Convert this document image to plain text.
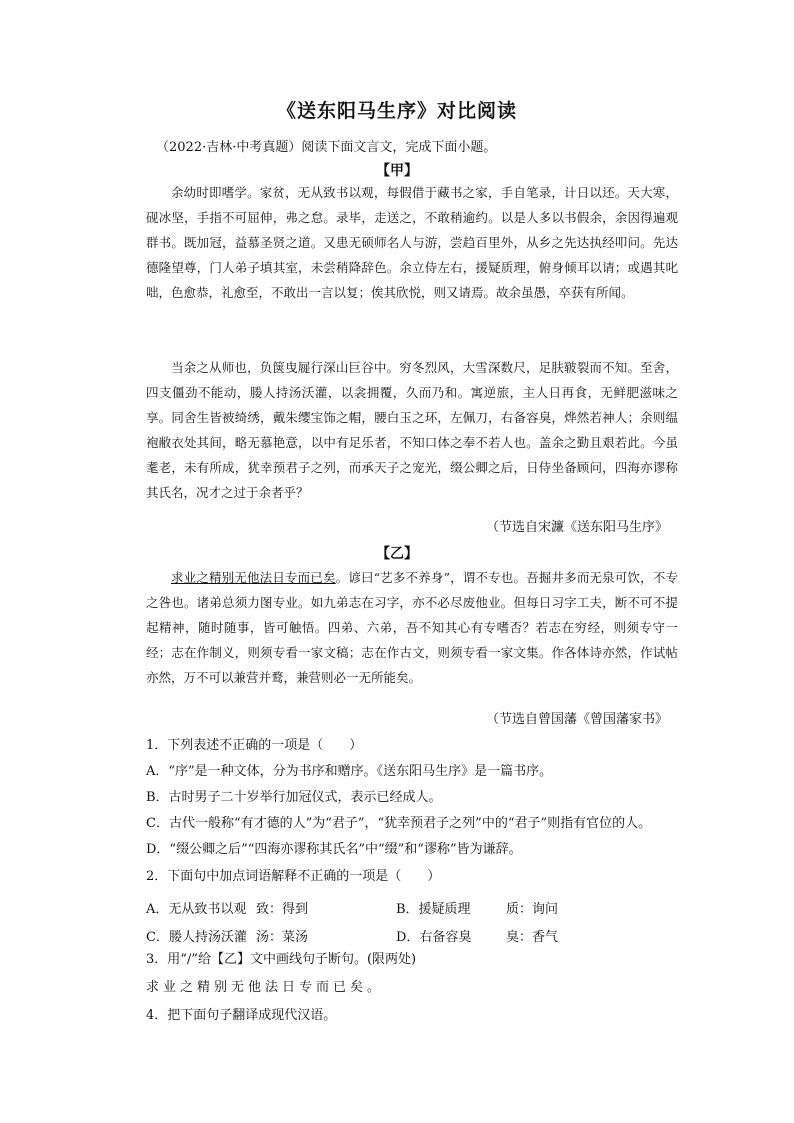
《送东阳马生序》对比阅读
（2022·吉林·中考真题）阅读下面文言文，完成下面小题。
【甲】

余幼时即嗜学。家贫，无从致书以观，每假借于藏书之家，手自笔录，计日以还。天大寒，砚冰坚，手指不可屈伸，弗之怠。录毕，走送之，不敢稍逾约。以是人多以书假余，余因得遍观群书。既加冠，益慕圣贤之道。又患无硕师名人与游，尝趋百里外，从乡之先达执经叩问。先达德隆望尊，门人弟子填其室，未尝稍降辞色。余立侍左右，援疑质理，俯身倾耳以请；或遇其叱咄，色愈恭，礼愈至，不敢出一言以复；俟其欣悦，则又请焉。故余虽愚，卒获有所闻。

当余之从师也，负箧曳屣行深山巨谷中。穷冬烈风，大雪深数尺，足肤皲裂而不知。至舍，四支僵劲不能动，媵人持汤沃灌，以衾拥覆，久而乃和。寓逆旅，主人日再食，无鲜肥滋味之享。同舍生皆被绮绣，戴朱缨宝饰之帽，腰白玉之环，左佩刀，右备容臭，烨然若神人；余则缊袍敝衣处其间，略无慕艳意，以中有足乐者，不知口体之奉不若人也。盖余之勤且艰若此。今虽耄老，未有所成，犹幸预君子之列，而承天子之宠光，缀公卿之后，日侍坐备顾问，四海亦谬称其氏名，况才之过于余者乎？

（节选自宋濂《送东阳马生序》
【乙】

求业之精别无他法日专而已矣。谚曰“艺多不养身”，谓不专也。吾掘井多而无泉可饮，不专之咎也。诸弟总须力图专业。如九弟志在习字，亦不必尽废他业。但每日习字工夫，断不可不提起精神，随时随事，皆可触悟。四弟、六弟，吾不知其心有专嗜否？若志在穷经，则须专守一经；志在作制义，则须专看一家文稿；志在作古文，则须专看一家文集。作各体诗亦然，作试帖亦然，万不可以兼营并鹜，兼营则必一无所能矣。

（节选自曾国藩《曾国藩家书》
1．下列表述不正确的一项是（　　）
A．“序”是一种文体，分为书序和赠序。《送东阳马生序》是一篇书序。
B．古时男子二十岁举行加冠仪式，表示已经成人。
C．古代一般称“有才德的人”为“君子”，“犹幸预君子之列”中的“君子”则指有官位的人。
D．“缀公卿之后”“四海亦谬称其氏名”中“缀”和“谬称”皆为谦辞。
2．下面句中加点词语解释不正确的一项是（　　）
A．无从致书以观 致：得到	B．援疑质理	质：询问
C．媵人持汤沃灌 汤：菜汤	D．右备容臭	臭：香气
3．用“/”给【乙】文中画线句子断句。(限两处)
求业之精别无他法日专而已矣。
4．把下面句子翻译成现代汉语。
